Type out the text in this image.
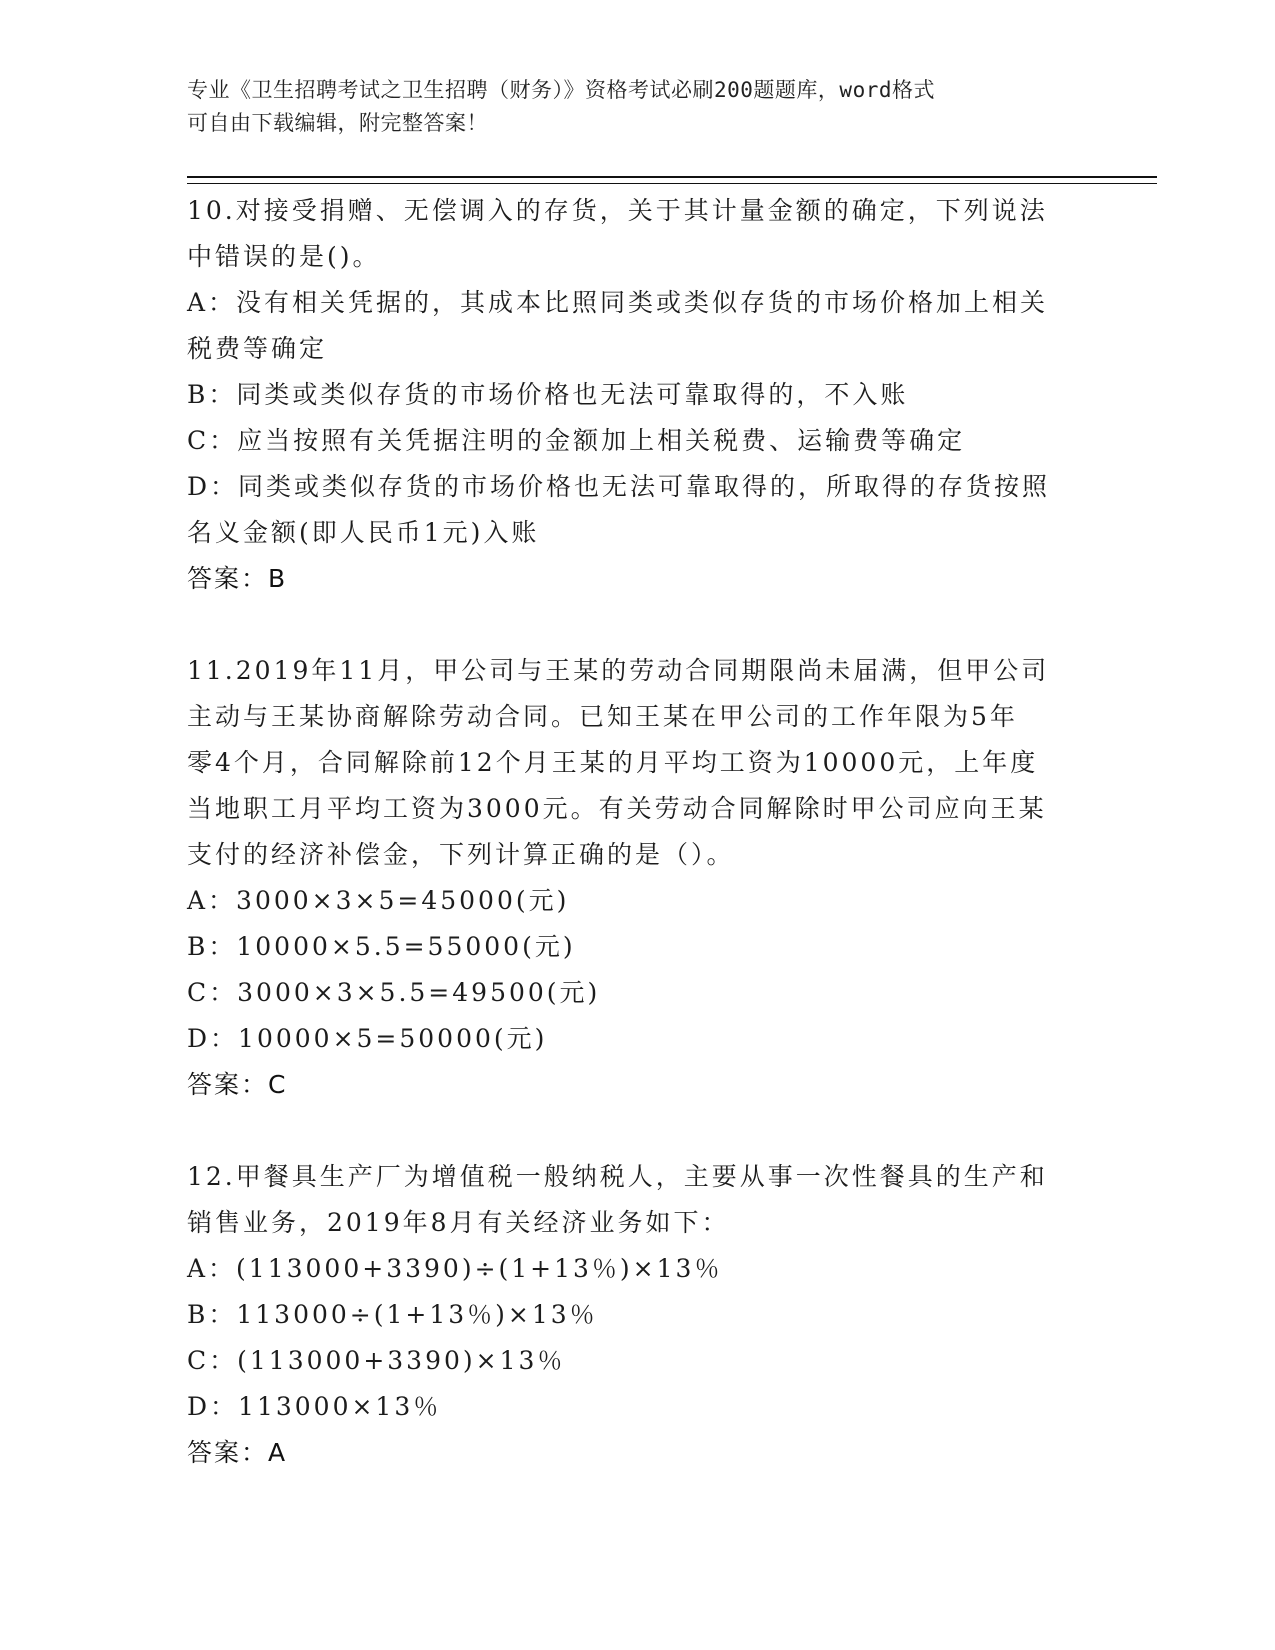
专业《卫生招聘考试之卫生招聘（财务）》资格考试必刷200题题库，word格式
可自由下载编辑，附完整答案！
10.对接受捐赠、无偿调入的存货，关于其计量金额的确定，下列说法
中错误的是()。
A：没有相关凭据的，其成本比照同类或类似存货的市场价格加上相关
税费等确定
B：同类或类似存货的市场价格也无法可靠取得的，不入账
C：应当按照有关凭据注明的金额加上相关税费、运输费等确定
D：同类或类似存货的市场价格也无法可靠取得的，所取得的存货按照
名义金额(即人民币1元)入账
答案：B
11.2019年11月，甲公司与王某的劳动合同期限尚未届满，但甲公司
主动与王某协商解除劳动合同。已知王某在甲公司的工作年限为5年
零4个月，合同解除前12个月王某的月平均工资为10000元，上年度
当地职工月平均工资为3000元。有关劳动合同解除时甲公司应向王某
支付的经济补偿金，下列计算正确的是（）。
A：3000×3×5=45000(元)
B：10000×5.5=55000(元)
C：3000×3×5.5=49500(元)
D：10000×5=50000(元)
答案：C
12.甲餐具生产厂为增值税一般纳税人，主要从事一次性餐具的生产和
销售业务，2019年8月有关经济业务如下：
A：(113000+3390)÷(1+13％)×13％
B：113000÷(1+13％)×13％
C：(113000+3390)×13％
D：113000×13％
答案：A
